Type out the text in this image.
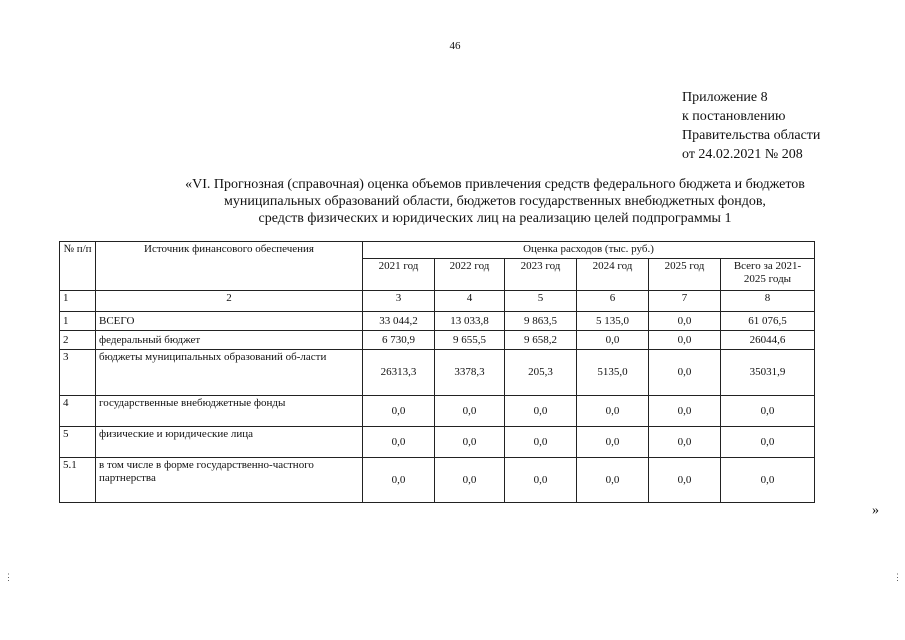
46
Приложение 8
к постановлению
Правительства области
от 24.02.2021 № 208
«VI. Прогнозная (справочная) оценка объемов привлечения средств федерального бюджета и бюджетов
муниципальных образований области, бюджетов государственных внебюджетных фондов,
средств физических и юридических лиц на реализацию целей подпрограммы 1
№ п/п	Источник финансового обеспечения	Оценка расходов (тыс. руб.)					
		2021 год	2022 год	2023 год	2024 год	2025 год	Всего за 2021-2025 годы
1	2	3	4	5	6	7	8
1	ВСЕГО	33 044,2	13 033,8	9 863,5	5 135,0	0,0	61 076,5
2	федеральный бюджет	6 730,9	9 655,5	9 658,2	0,0	0,0	26044,6
3	бюджеты муниципальных образований об-ласти	26313,3	3378,3	205,3	5135,0	0,0	35031,9
4	государственные внебюджетные фонды	0,0	0,0	0,0	0,0	0,0	0,0
5	физические и юридические лица	0,0	0,0	0,0	0,0	0,0	0,0
5.1	в том числе в форме государственно-частного партнерства	0,0	0,0	0,0	0,0	0,0	0,0
»
⋮	⋮
